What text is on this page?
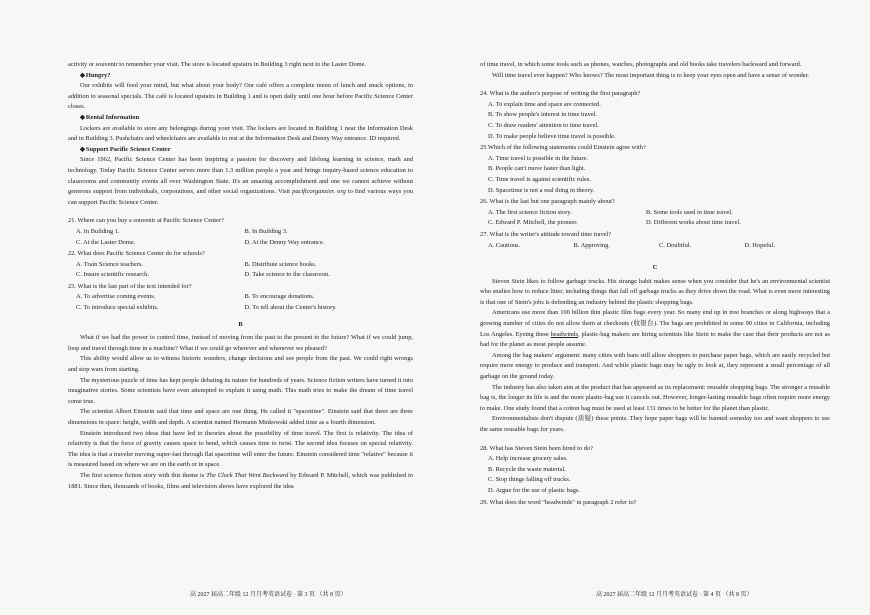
activity or souvenir to remember your visit. The store is located upstairs in Building 3 right next to the Laster Dome.

◆ Hungry?

Our exhibits will feed your mind, but what about your body? Our café offers a complete menu of lunch and snack options, in addition to seasonal specials. The café is located upstairs in Building 1 and is open daily until one hour before Pacific Science Center closes.

◆ Rental Information

Lockers are available to store any belongings during your visit. The lockers are located in Building 1 near the Information Desk and in Building 3. Pushchairs and wheelchairs are available to rest at the Information Desk and Denny Way entrance. ID required.

◆ Support Pacific Science Center

Since 1962, Pacific Science Center has been inspiring a passion for discovery and lifelong learning in science, math and technology. Today Pacific Science Center serves more than 1.3 million people a year and brings inquiry-based science education to classrooms and community events all over Washington State. It's an amazing accomplishment and one we cannot achieve without generous support from individuals, corporations, and other social organizations. Visit pacificorganzier. org to find various ways you can support Pacific Science Center.

21. Where can you buy a souvenir at Pacific Science Center?

A. In Building 1.	B. In Building 3.
C. At the Laster Dome.	D. At the Denny Way entrance.

22. What does Pacific Science Center do for schools?

A. Train Science teachers.	B. Distribute science books.
C. Insure scientific research.	D. Take science to the classroom.

23. What is the last part of the text intended for?

A. To advertise coming events.	B. To encourage donations.
C. To introduce special exhibits.	D. To tell about the Center's history.
B

What if we had the power to control time, instead of moving from the past to the present to the future? What if we could jump, loop and travel through time in a machine? What if we could go wherever and whenever we pleased?

This ability would allow us to witness historic wonders, change decisions and see people from the past. We could right wrongs and stop wars from starting.

The mysterious puzzle of time has kept people debating its nature for hundreds of years. Science fiction writers have turned it into imaginative stories. Some scientists have even attempted to explain it using math. This math tries to make the dream of time travel come true.

The scientist Albert Einstein said that time and space are one thing. He called it "spacetime". Einstein said that there are three dimensions in space: height, width and depth. A scientist named Hermann Minkowski added time as a fourth dimension.

Einstein introduced two ideas that have led to theories about the possibility of time travel. The first is relativity. The idea of relativity is that the force of gravity causes space to bend, which causes time to twist. The second idea focuses on special relativity. The idea is that a traveler moving super-fast through flat spacetime will enter the future. Einstein considered time "relative" because it is measured based on where we are on the earth or in space.

The first science fiction story with this theme is The Clock That Went Backward by Edward P. Mitchell, which was published in 1881. Since then, thousands of books, films and television shows have explored the idea

of time travel, in which some tools such as phones, watches, photographs and old books take travelers backward and forward.

Will time travel ever happen? Who knows? The most important thing is to keep your eyes open and have a sense of wonder.

24. What is the author's purpose of writing the first paragraph?

A. To explain time and space are connected.
B. To show people's interest in time travel.
C. To draw readers' attention to time travel.
D. To make people believe time travel is possible.

25 Which of the following statements could Einstein agree with?

A. Time travel is possible in the future.
B. People can't move faster than light.
C. Time travel is against scientific rules.
D. Spacetime is not a real thing in theory.

26. What is the last but one paragraph mainly about?

A. The first science fiction story.	B. Some tools used in time travel.
C. Edward P. Mitchell, the pioneer.	D. Different works about time travel.

27. What is the writer's attitude toward time travel?

A. Cautious.	B. Approving.	C. Doubtful.	D. Hopeful.
C

Steven Stein likes to follow garbage trucks. His strange habit makes sense when you consider that he's an environmental scientist who studies how to reduce litter, including things that fall off garbage trucks as they drive down the road. What is even more interesting is that one of Stein's jobs is defending an industry behind the plastic shopping bags.

Americans use more than 100 billion thin plastic film bags every year. So many end up in tree branches or along highways that a growing number of cities do not allow them at checkouts (收银台). The bags are prohibited in some 90 cities in California, including Los Angeles. Eyeing these headwinds, plastic-bag makers are hiring scientists like Stein to make the case that their products are not as bad for the planet as most people assume.

Among the bag makers' argument: many cities with bans still allow shoppers to purchase paper bags, which are easily recycled but require more energy to produce and transport. And while plastic bags may be ugly to look at, they represent a small percentage of all garbage on the ground today.

The industry has also taken aim at the product that has appeared as its replacement: reusable shopping bags. The stronger a reusable bag is, the longer its life is and the more plastic-bag use it cancels out. However, longer-lasting reusable bags often require more energy to make. One study found that a cotton bag must be used at least 131 times to be better for the planet than plastic.

Environmentalists don't dispute (质疑) these points. They hope paper bags will be banned someday too and want shoppers to use the same reusable bags for years.

28. What has Steven Stein been hired to do?

A. Help increase grocery sales.
B. Recycle the waste material.
C. Stop things falling off trucks.
D. Argue for the use of plastic bags.

29. What does the word "headwinds" in paragraph 2 refer to?

高 2027 届高二年级 12 月月考英语试卷 · 第 3 页 （共 8 页）	高 2027 届高二年级 12 月月考英语试卷 · 第 4 页 （共 8 页）
